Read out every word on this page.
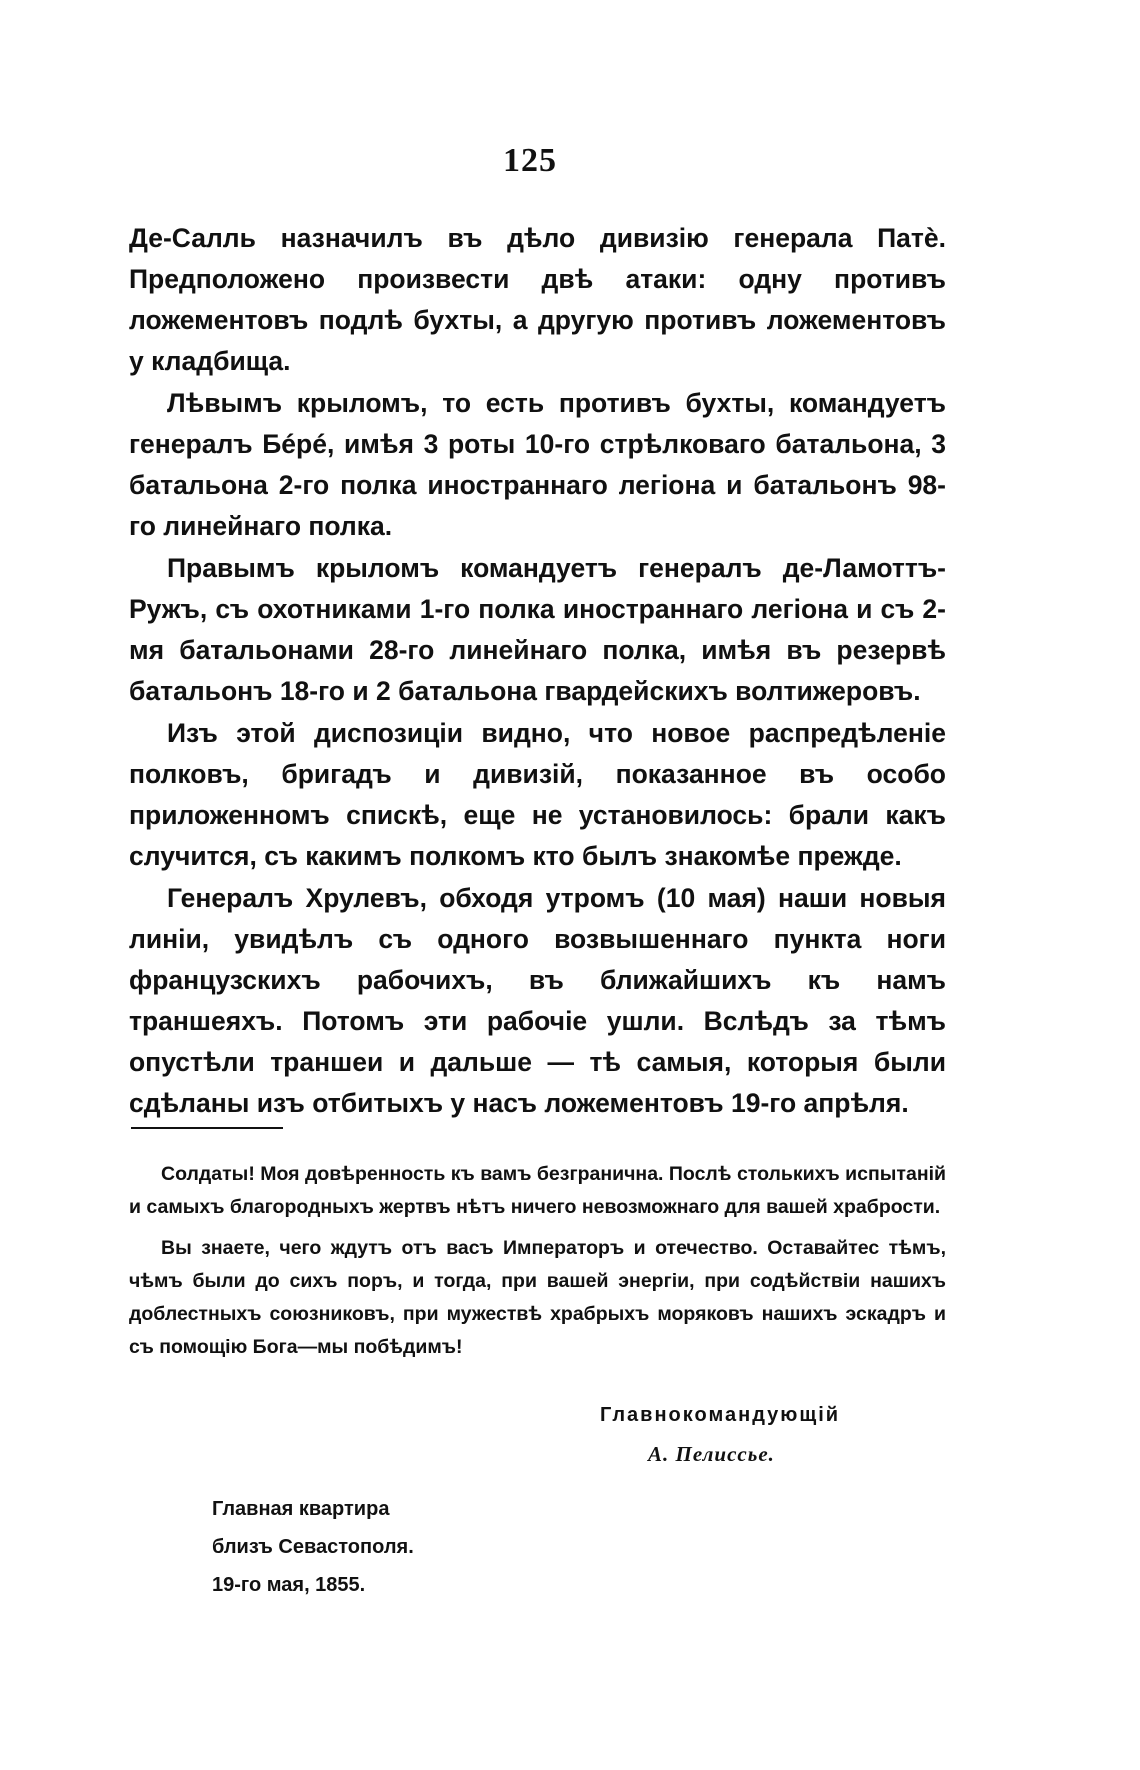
125

Де-Салль назначилъ въ дѣло дивизію генерала Патѐ. Предположено произвести двѣ атаки: одну противъ ложементовъ подлѣ бухты, а другую противъ ложементовъ у кладбища.

Лѣвымъ крыломъ, то есть противъ бухты, командуетъ генералъ Бéрé, имѣя 3 роты 10-го стрѣлковаго батальона, 3 батальона 2-го полка иностраннаго легіона и батальонъ 98-го линейнаго полка.

Правымъ крыломъ командуетъ генералъ де-Ламоттъ-Ружъ, съ охотниками 1-го полка иностраннаго легіона и съ 2-мя батальонами 28-го линейнаго полка, имѣя въ резервѣ батальонъ 18-го и 2 батальона гвардейскихъ волтижеровъ.

Изъ этой диспозиціи видно, что новое распредѣленіе полковъ, бригадъ и дивизій, показанное въ особо приложенномъ спискѣ, еще не установилось: брали какъ случится, съ какимъ полкомъ кто былъ знакомѣе прежде.

Генералъ Хрулевъ, обходя утромъ (10 мая) наши новыя линіи, увидѣлъ съ одного возвышеннаго пункта ноги французскихъ рабочихъ, въ ближайшихъ къ намъ траншеяхъ. Потомъ эти рабочіе ушли. Вслѣдъ за тѣмъ опустѣли траншеи и дальше — тѣ самыя, которыя были сдѣланы изъ отбитыхъ у насъ ложементовъ 19-го апрѣля.

Солдаты! Моя довѣренность къ вамъ безгранична. Послѣ столькихъ испытаній и самыхъ благородныхъ жертвъ нѣтъ ничего невозможнаго для вашей храбрости.

Вы знаете, чего ждутъ отъ васъ Императоръ и отечество. Оставайтес тѣмъ, чѣмъ были до сихъ поръ, и тогда, при вашей энергіи, при содѣйствіи нашихъ доблестныхъ союзниковъ, при мужествѣ храбрыхъ моряковъ нашихъ эскадръ и съ помощію Бога—мы побѣдимъ!

Главнокомандующій
А. Пелиссье.
Главная квартира
близъ Севастополя.
19-го мая, 1855.
